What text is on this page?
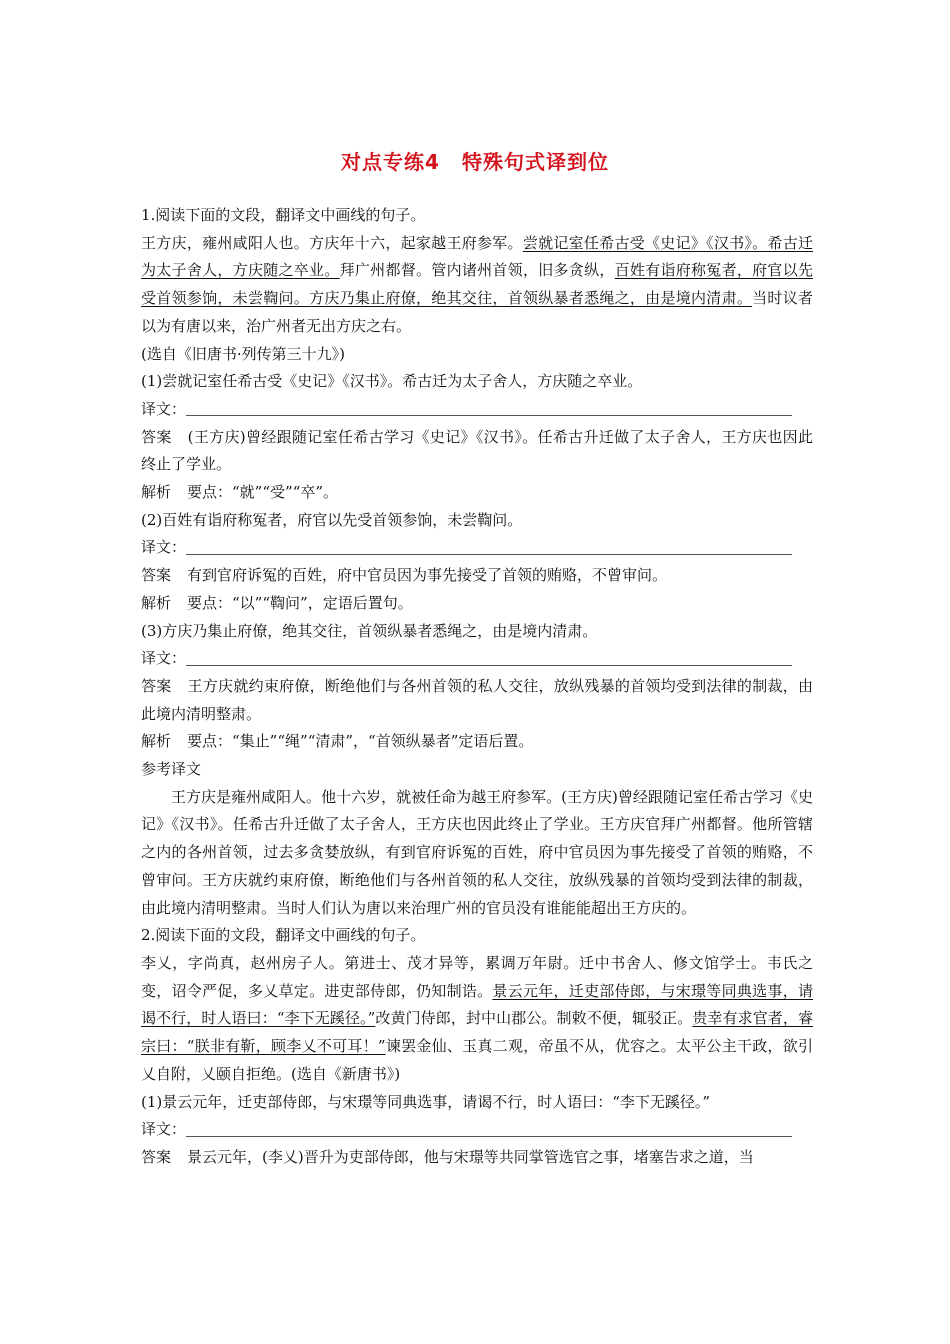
对点专练4 特殊句式译到位

1.阅读下面的文段，翻译文中画线的句子。

王方庆，雍州咸阳人也。方庆年十六，起家越王府参军。尝就记室任希古受《史记》《汉书》。希古迁为太子舍人，方庆随之卒业。拜广州都督。管内诸州首领，旧多贪纵，百姓有诣府称冤者，府官以先受首领参饷，未尝鞫问。方庆乃集止府僚，绝其交往，首领纵暴者悉绳之，由是境内清肃。当时议者以为有唐以来，治广州者无出方庆之右。

(选自《旧唐书·列传第三十九》)

(1)尝就记室任希古受《史记》《汉书》。希古迁为太子舍人，方庆随之卒业。

译文：

答案 (王方庆)曾经跟随记室任希古学习《史记》《汉书》。任希古升迁做了太子舍人，王方庆也因此终止了学业。

解析 要点：“就”“受”“卒”。

(2)百姓有诣府称冤者，府官以先受首领参饷，未尝鞫问。

译文：

答案 有到官府诉冤的百姓，府中官员因为事先接受了首领的贿赂，不曾审问。

解析 要点：“以”“鞫问”，定语后置句。

(3)方庆乃集止府僚，绝其交往，首领纵暴者悉绳之，由是境内清肃。

译文：

答案 王方庆就约束府僚，断绝他们与各州首领的私人交往，放纵残暴的首领均受到法律的制裁，由此境内清明整肃。

解析 要点：“集止”“绳”“清肃”，“首领纵暴者”定语后置。

参考译文

王方庆是雍州咸阳人。他十六岁，就被任命为越王府参军。(王方庆)曾经跟随记室任希古学习《史记》《汉书》。任希古升迁做了太子舍人，王方庆也因此终止了学业。王方庆官拜广州都督。他所管辖之内的各州首领，过去多贪婪放纵，有到官府诉冤的百姓，府中官员因为事先接受了首领的贿赂，不曾审问。王方庆就约束府僚，断绝他们与各州首领的私人交往，放纵残暴的首领均受到法律的制裁，由此境内清明整肃。当时人们认为唐以来治理广州的官员没有谁能能超出王方庆的。

2.阅读下面的文段，翻译文中画线的句子。

李乂，字尚真，赵州房子人。第进士、茂才异等，累调万年尉。迁中书舍人、修文馆学士。韦氏之变，诏令严促，多乂草定。进吏部侍郎，仍知制诰。景云元年，迁吏部侍郎，与宋璟等同典选事，请谒不行，时人语曰：“李下无蹊径。”改黄门侍郎，封中山郡公。制敕不便，辄驳正。贵幸有求官者，睿宗曰：“朕非有靳，顾李乂不可耳！”谏罢金仙、玉真二观，帝虽不从，优容之。太平公主干政，欲引乂自附，乂颐自拒绝。(选自《新唐书》)

(1)景云元年，迁吏部侍郎，与宋璟等同典选事，请谒不行，时人语曰：“李下无蹊径。”

译文：

答案 景云元年，(李乂)晋升为吏部侍郎，他与宋璟等共同掌管选官之事，堵塞告求之道，当
